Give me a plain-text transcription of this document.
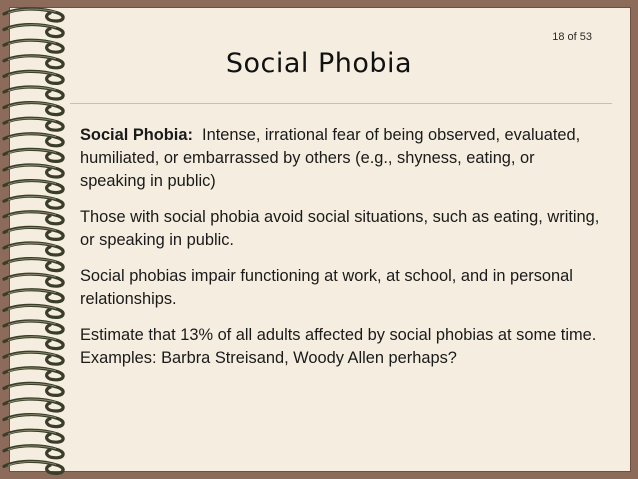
18 of 53
Social Phobia

Social Phobia: Intense, irrational fear of being observed, evaluated, humiliated, or embarrassed by others (e.g., shyness, eating, or speaking in public)

Those with social phobia avoid social situations, such as eating, writing, or speaking in public.

Social phobias impair functioning at work, at school, and in personal relationships.

Estimate that 13% of all adults affected by social phobias at some time. Examples: Barbra Streisand, Woody Allen perhaps?
